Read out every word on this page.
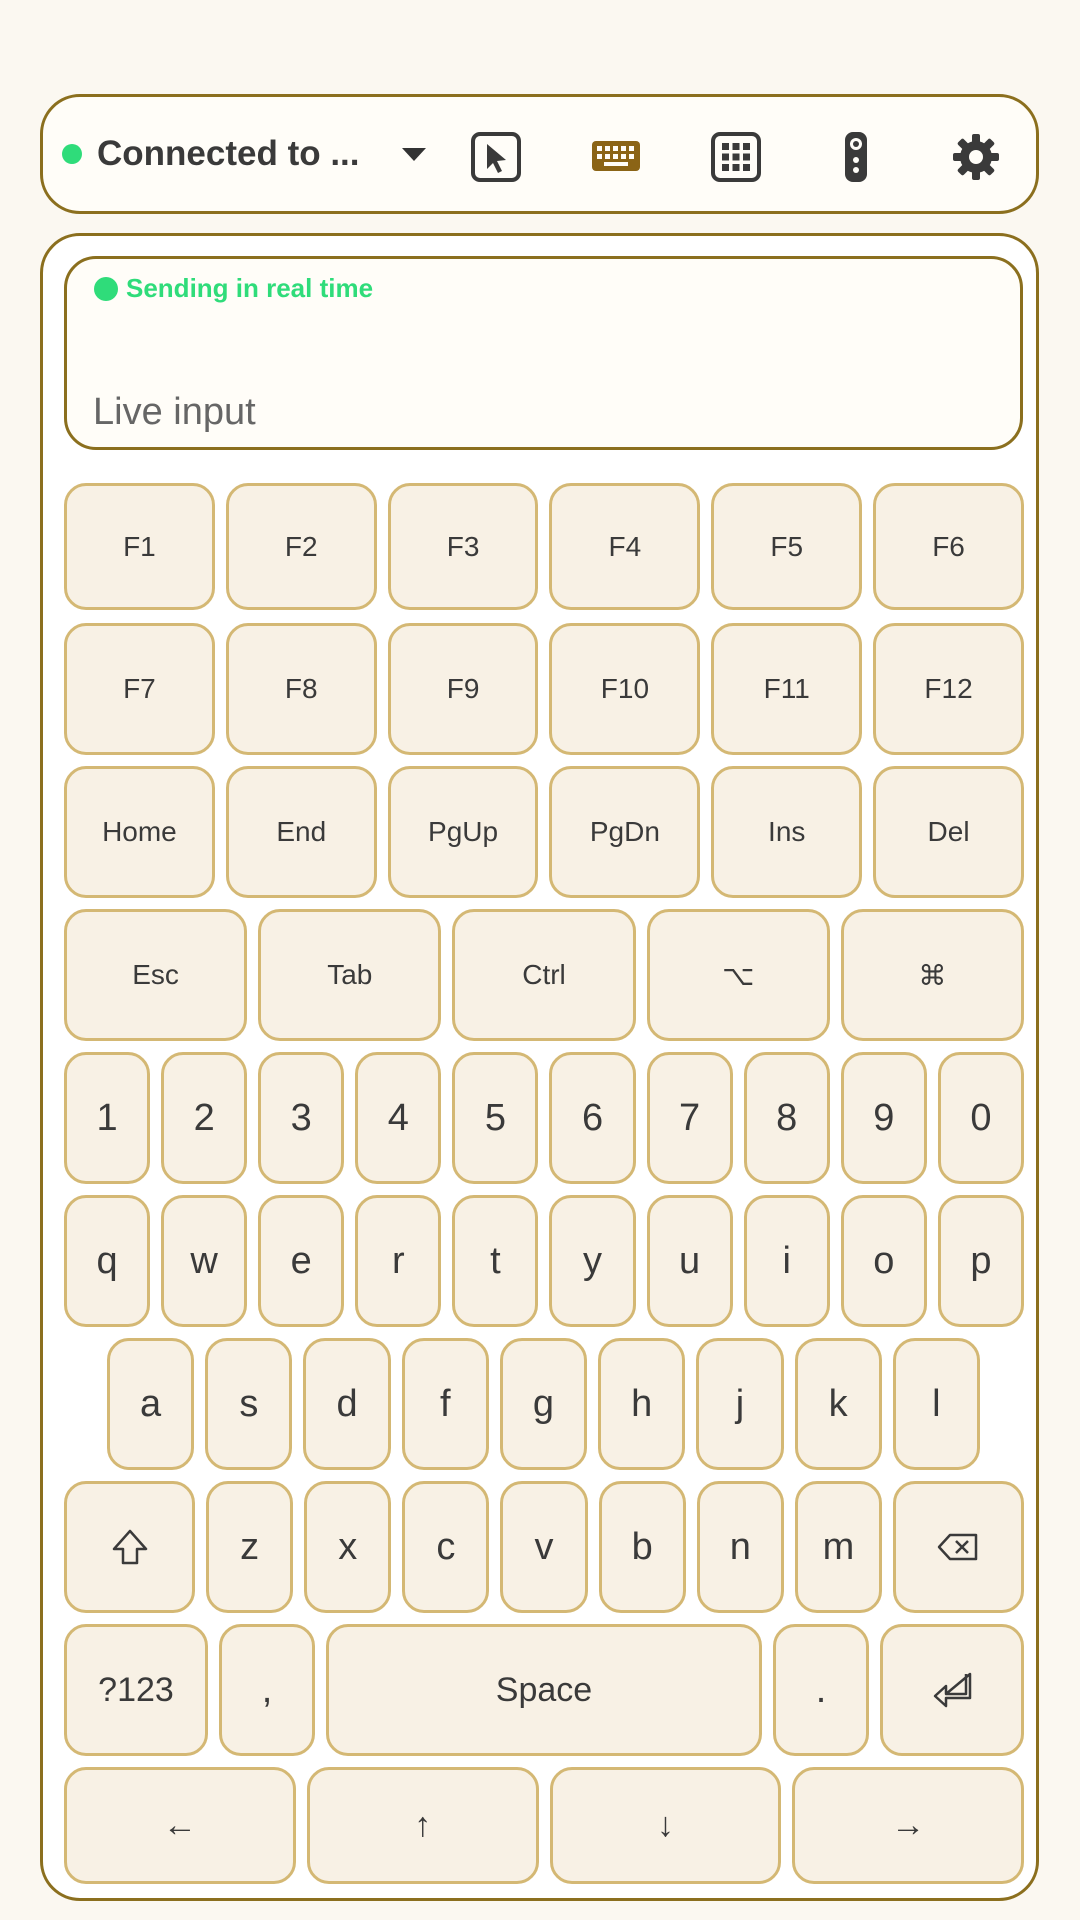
Connected to ...
Sending in real time
Live input
F1	F2	F3	F4	F5	F6
F7	F8	F9	F10	F11	F12
Home	End	PgUp	PgDn	Ins	Del
Esc	Tab	Ctrl	⌥	⌘
1	2	3	4	5	6	7	8	9	0
q	w	e	r	t	y	u	i	o	p
a	s	d	f	g	h	j	k	l
z	x	c	v	b	n	m
?123	,	Space	.
←	↑	↓	→
